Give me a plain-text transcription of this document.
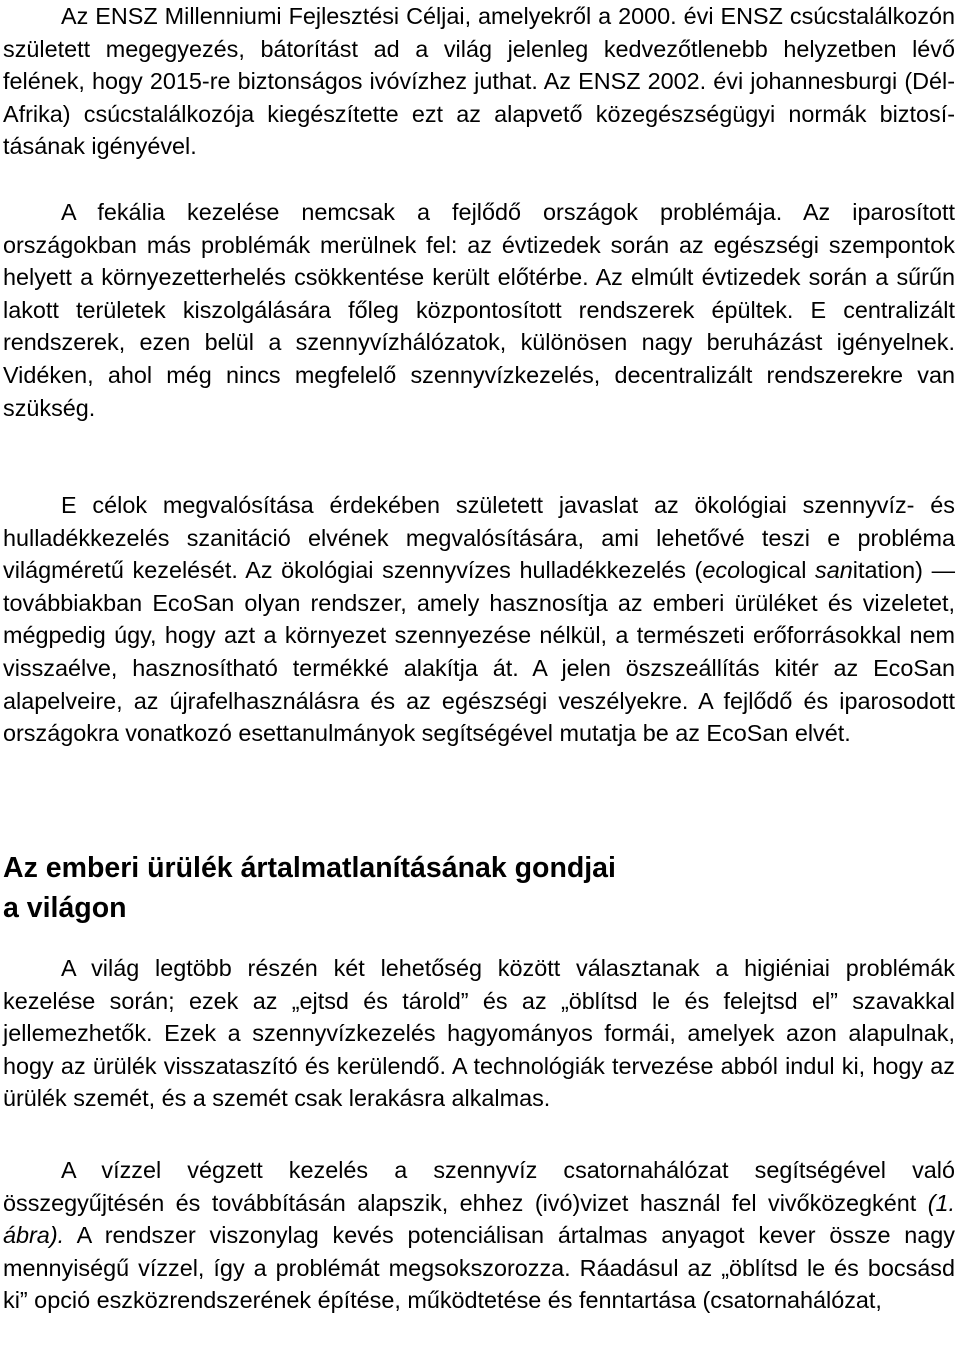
Az ENSZ Millenniumi Fejlesztési Céljai, amelyekről a 2000. évi ENSZ csúcstalálkozón született megegyezés, bátorítást ad a világ jelenleg kedvezőtlenebb helyzetben lévő felének, hogy 2015-re biztonságos ivóvízhez juthat. Az ENSZ 2002. évi johannesburgi (Dél-Afrika) csúcstalálkozója kiegészítette ezt az alapvető közegészségügyi normák biztosításának igényével.

A fekália kezelése nemcsak a fejlődő országok problémája. Az iparosított országokban más problémák merülnek fel: az évtizedek során az egészségi szempontok helyett a környezetterhelés csökkentése került előtérbe. Az elmúlt évtizedek során a sűrűn lakott területek kiszolgálására főleg központosított rendszerek épültek. E centralizált rendszerek, ezen belül a szennyvízhálózatok, különösen nagy beruházást igényelnek. Vidéken, ahol még nincs megfelelő szennyvízkezelés, decentralizált rendszerekre van szükség.

E célok megvalósítása érdekében született javaslat az ökológiai szennyvíz- és hulladékkezelés szanitáció elvének megvalósítására, ami lehetővé teszi e probléma világméretű kezelését. Az ökológiai szennyvízes hulladékkezelés (ecological sanitation) — továbbiakban EcoSan olyan rendszer, amely hasznosítja az emberi ürüléket és vizeletet, mégpedig úgy, hogy azt a környezet szennyezése nélkül, a természeti erőforrásokkal nem visszaélve, hasznosítható termékké alakítja át. A jelen öszszeállítás kitér az EcoSan alapelveire, az újrafelhasználásra és az egészségi veszélyekre. A fejlődő és iparosodott országokra vonatkozó esettanulmányok segítségével mutatja be az EcoSan elvét.

Az emberi ürülék ártalmatlanításának gondjai
a világon

A világ legtöbb részén két lehetőség között választanak a higiéniai problémák kezelése során; ezek az „ejtsd és tárold” és az „öblítsd le és felejtsd el” szavakkal jellemezhetők. Ezek a szennyvízkezelés hagyományos formái, amelyek azon alapulnak, hogy az ürülék visszataszító és kerülendő. A technológiák tervezése abból indul ki, hogy az ürülék szemét, és a szemét csak lerakásra alkalmas.

A vízzel végzett kezelés a szennyvíz csatornahálózat segítségével való összegyűjtésén és továbbításán alapszik, ehhez (ivó)vizet használ fel vivőközegként (1. ábra). A rendszer viszonylag kevés potenciálisan ártalmas anyagot kever össze nagy mennyiségű vízzel, így a problémát megsokszorozza. Ráadásul az „öblítsd le és bocsásd ki” opció eszközrendszerének építése, működtetése és fenntartása (csatornahálózat,
